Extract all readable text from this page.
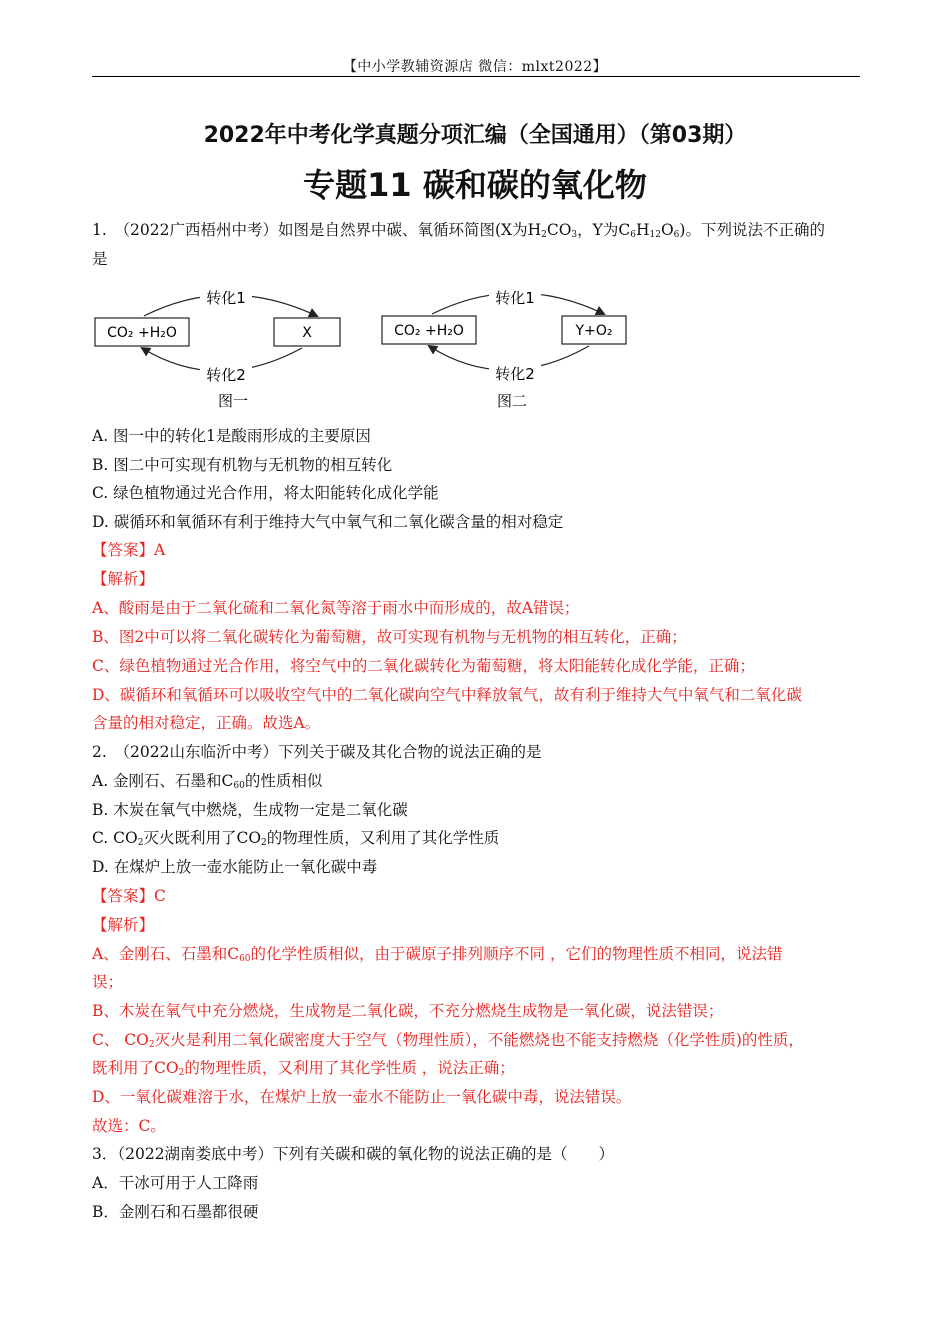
【中小学教辅资源店 微信：mlxt2022】
2022年中考化学真题分项汇编（全国通用）（第03期）
专题11 碳和碳的氧化物
1.　（2022广西梧州中考）如图是自然界中碳、氧循环简图(X为$H_2CO_3$，Y为$C_6H_{12}O_6$)。下列说法不正确的
是
CO₂ +H₂O	X
转化1
转化2
图一
CO₂ +H₂O	Y+O₂
转化1
转化2
图二
A. 图一中的转化1是酸雨形成的主要原因
B. 图二中可实现有机物与无机物的相互转化
C. 绿色植物通过光合作用，将太阳能转化成化学能
D. 碳循环和氧循环有利于维持大气中氧气和二氧化碳含量的相对稳定
【答案】A
【解析】
A、酸雨是由于二氧化硫和二氧化氮等溶于雨水中而形成的，故A错误；
B、图2中可以将二氧化碳转化为葡萄糖，故可实现有机物与无机物的相互转化，正确；
C、绿色植物通过光合作用，将空气中的二氧化碳转化为葡萄糖，将太阳能转化成化学能，正确；
D、碳循环和氧循环可以吸收空气中的二氧化碳向空气中释放氧气，故有利于维持大气中氧气和二氧化碳
含量的相对稳定，正确。故选A。
2.　（2022山东临沂中考）下列关于碳及其化合物的说法正确的是
A. 金刚石、石墨和$C_{60}$的性质相似
B. 木炭在氧气中燃烧，生成物一定是二氧化碳
C. $CO_2$灭火既利用了$CO_2$的物理性质，又利用了其化学性质
D. 在煤炉上放一壶水能防止一氧化碳中毒
【答案】C
【解析】
A、金刚石、石墨和$C_{60}$的化学性质相似，由于碳原子排列顺序不同 ，它们的物理性质不相同，说法错
误；
B、木炭在氧气中充分燃烧，生成物是二氧化碳，不充分燃烧生成物是一氧化碳，说法错误；
C、 $CO_2$灭火是利用二氧化碳密度大于空气（物理性质），不能燃烧也不能支持燃烧（化学性质)的性质，
既利用了$CO_2$的物理性质，又利用了其化学性质 ，说法正确；
D、一氧化碳难溶于水，在煤炉上放一壶水不能防止一氧化碳中毒，说法错误。
故选：C。
3．（2022湖南娄底中考）下列有关碳和碳的氧化物的说法正确的是（　　）
A．干冰可用于人工降雨
B．金刚石和石墨都很硬
